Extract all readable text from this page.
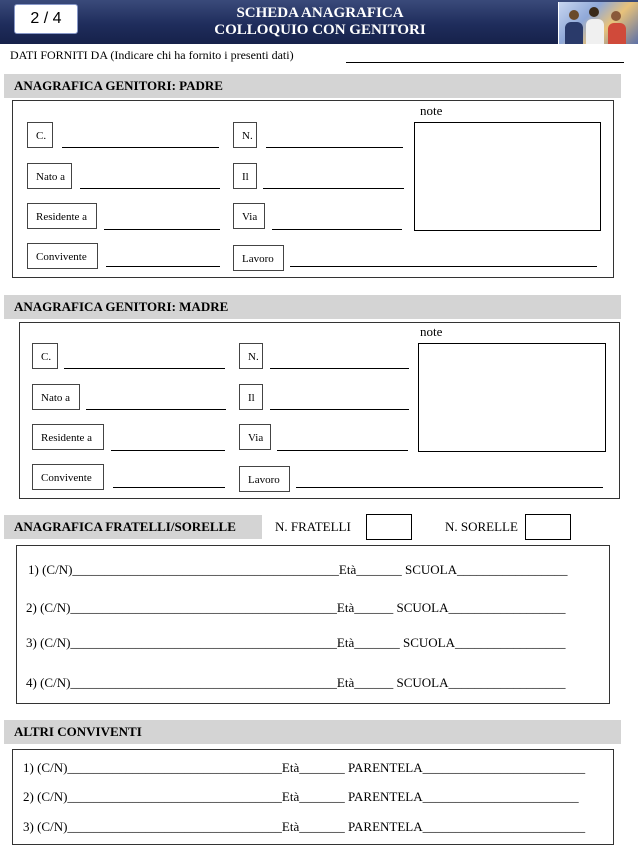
2 / 4	SCHEDA ANAGRAFICA
COLLOQUIO CON GENITORI
DATI FORNITI DA (Indicare chi ha fornito i presenti dati)
ANAGRAFICA GENITORI: PADRE
note
C.	N.
Nato a	Il
Residente a	Via
Convivente	Lavoro
ANAGRAFICA GENITORI: MADRE
note
C.	N.
Nato a	Il
Residente a	Via
Convivente	Lavoro
ANAGRAFICA FRATELLI/SORELLE	N. FRATELLI	N. SORELLE
1) (C/N)_________________________________________Età_______ SCUOLA_________________
2) (C/N)_________________________________________Età______ SCUOLA__________________
3) (C/N)_________________________________________Età_______ SCUOLA_________________
4) (C/N)_________________________________________Età______ SCUOLA__________________
ALTRI CONVIVENTI
1) (C/N)_________________________________Età_______ PARENTELA_________________________
2) (C/N)_________________________________Età_______ PARENTELA________________________
3) (C/N)_________________________________Età_______ PARENTELA_________________________
